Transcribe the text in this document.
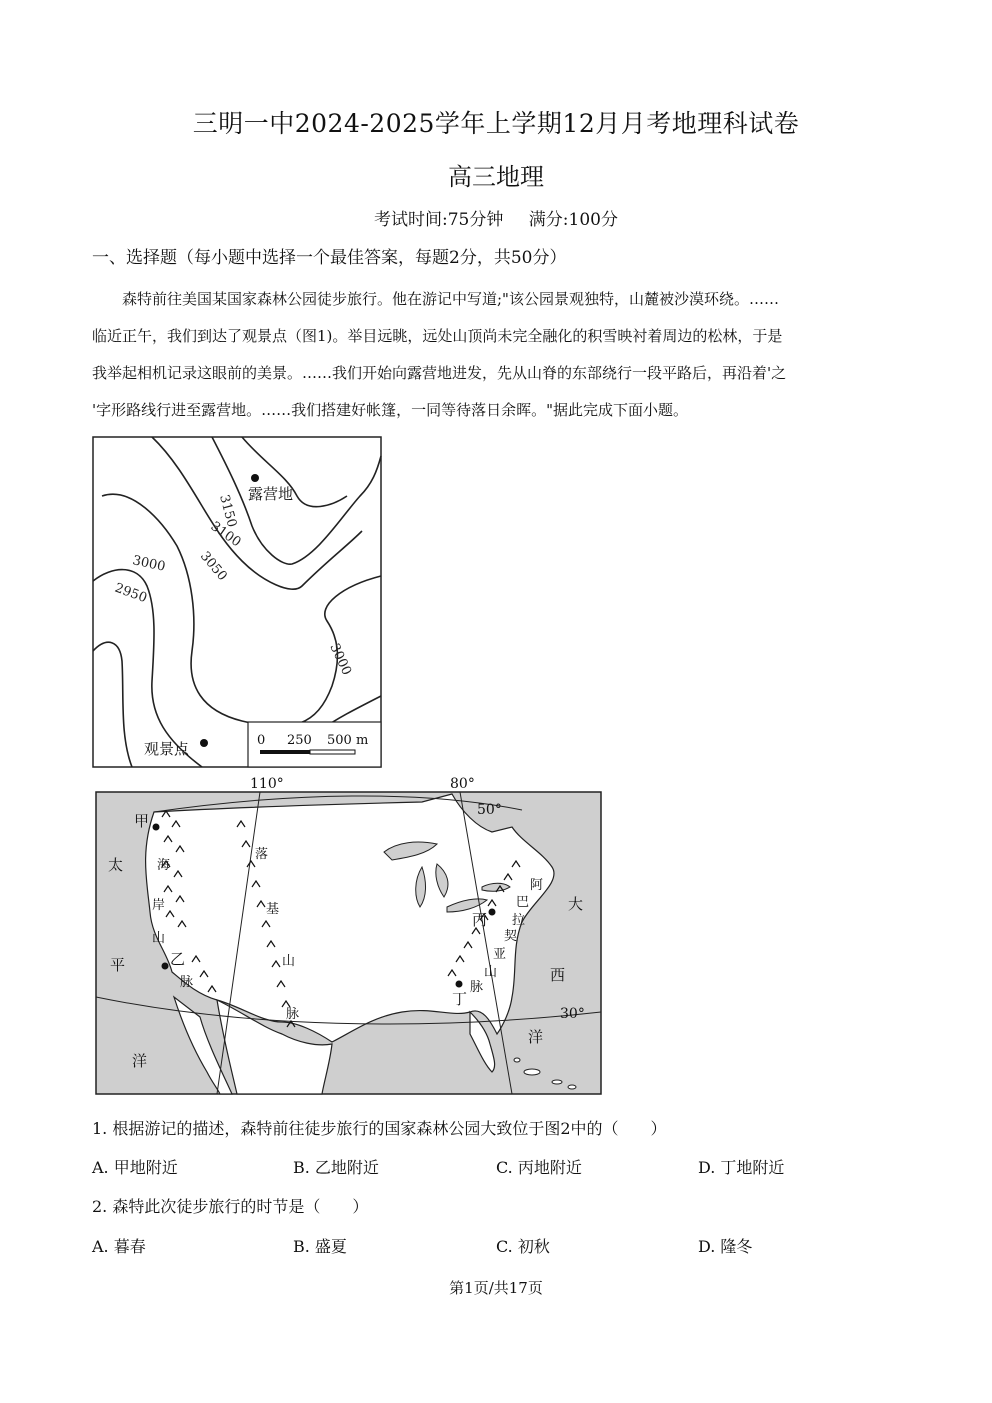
三明一中2024-2025学年上学期12月月考地理科试卷
高三地理
考试时间:75分钟 满分:100分
一、选择题（每小题中选择一个最佳答案，每题2分，共50分）
森特前往美国某国家森林公园徒步旅行。他在游记中写道;"该公园景观独特，山麓被沙漠环绕。……
临近正午，我们到达了观景点（图1)。举目远眺，远处山顶尚未完全融化的积雪映衬着周边的松林，于是
我举起相机记录这眼前的美景。……我们开始向露营地进发，先从山脊的东部绕行一段平路后，再沿着'之
'字形路线行进至露营地。……我们搭建好帐篷，一同等待落日余晖。"据此完成下面小题。
3150
3100
3050
3000
2950
3000
露营地
观景点	0 250 500 m
110°	80°
50°
30°
甲
乙
丙
丁
太
平
洋
大
西
洋
海
岸
山
脉
落
基
山
脉
阿
巴
拉
契
亚
山
脉
1. 根据游记的描述，森特前往徒步旅行的国家森林公园大致位于图2中的（　　）
A. 甲地附近	B. 乙地附近	C. 丙地附近	D. 丁地附近
2. 森特此次徒步旅行的时节是（　　）
A. 暮春	B. 盛夏	C. 初秋	D. 隆冬
第1页/共17页
